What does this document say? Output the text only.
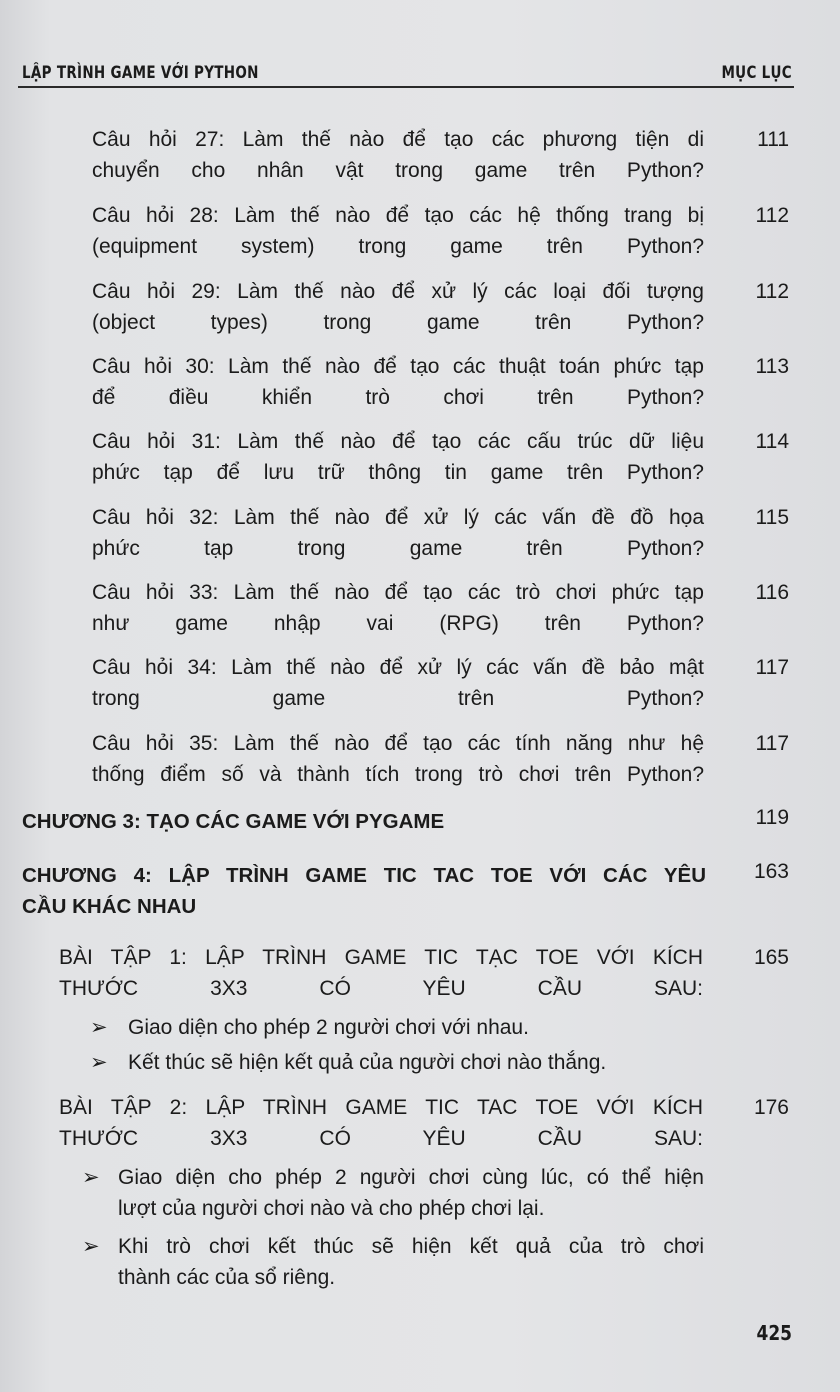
LẬP TRÌNH GAME VỚI PYTHON	MỤC LỤC
Câu hỏi 27: Làm thế nào để tạo các phương tiện di
chuyển cho nhân vật trong game trên Python?
111
Câu hỏi 28: Làm thế nào để tạo các hệ thống trang bị
(equipment system) trong game trên Python?
112
Câu hỏi 29: Làm thế nào để xử lý các loại đối tượng
(object types) trong game trên Python?
112
Câu hỏi 30: Làm thế nào để tạo các thuật toán phức tạp
để điều khiển trò chơi trên Python?
113
Câu hỏi 31: Làm thế nào để tạo các cấu trúc dữ liệu
phức tạp để lưu trữ thông tin game trên Python?
114
Câu hỏi 32: Làm thế nào để xử lý các vấn đề đồ họa
phức tạp trong game trên Python?
115
Câu hỏi 33: Làm thế nào để tạo các trò chơi phức tạp
như game nhập vai (RPG) trên Python?
116
Câu hỏi 34: Làm thế nào để xử lý các vấn đề bảo mật
trong game trên Python?
117
Câu hỏi 35: Làm thế nào để tạo các tính năng như hệ
thống điểm số và thành tích trong trò chơi trên Python?
117
CHƯƠNG 3: TẠO CÁC GAME VỚI PYGAME	119
CHƯƠNG 4: LẬP TRÌNH GAME TIC TAC TOE VỚI CÁC YÊU
CẦU KHÁC NHAU
163
BÀI TẬP 1: LẬP TRÌNH GAME TIC TẠC TOE VỚI KÍCH
THƯỚC 3X3 CÓ YÊU CẦU SAU:
165
➢ Giao diện cho phép 2 người chơi với nhau.
➢ Kết thúc sẽ hiện kết quả của người chơi nào thắng.
BÀI TẬP 2: LẬP TRÌNH GAME TIC TAC TOE VỚI KÍCH
THƯỚC 3X3 CÓ YÊU CẦU SAU:
176
➢ Giao diện cho phép 2 người chơi cùng lúc, có thể hiện
lượt của người chơi nào và cho phép chơi lại.
➢ Khi trò chơi kết thúc sẽ hiện kết quả của trò chơi
thành các của sổ riêng.
425
